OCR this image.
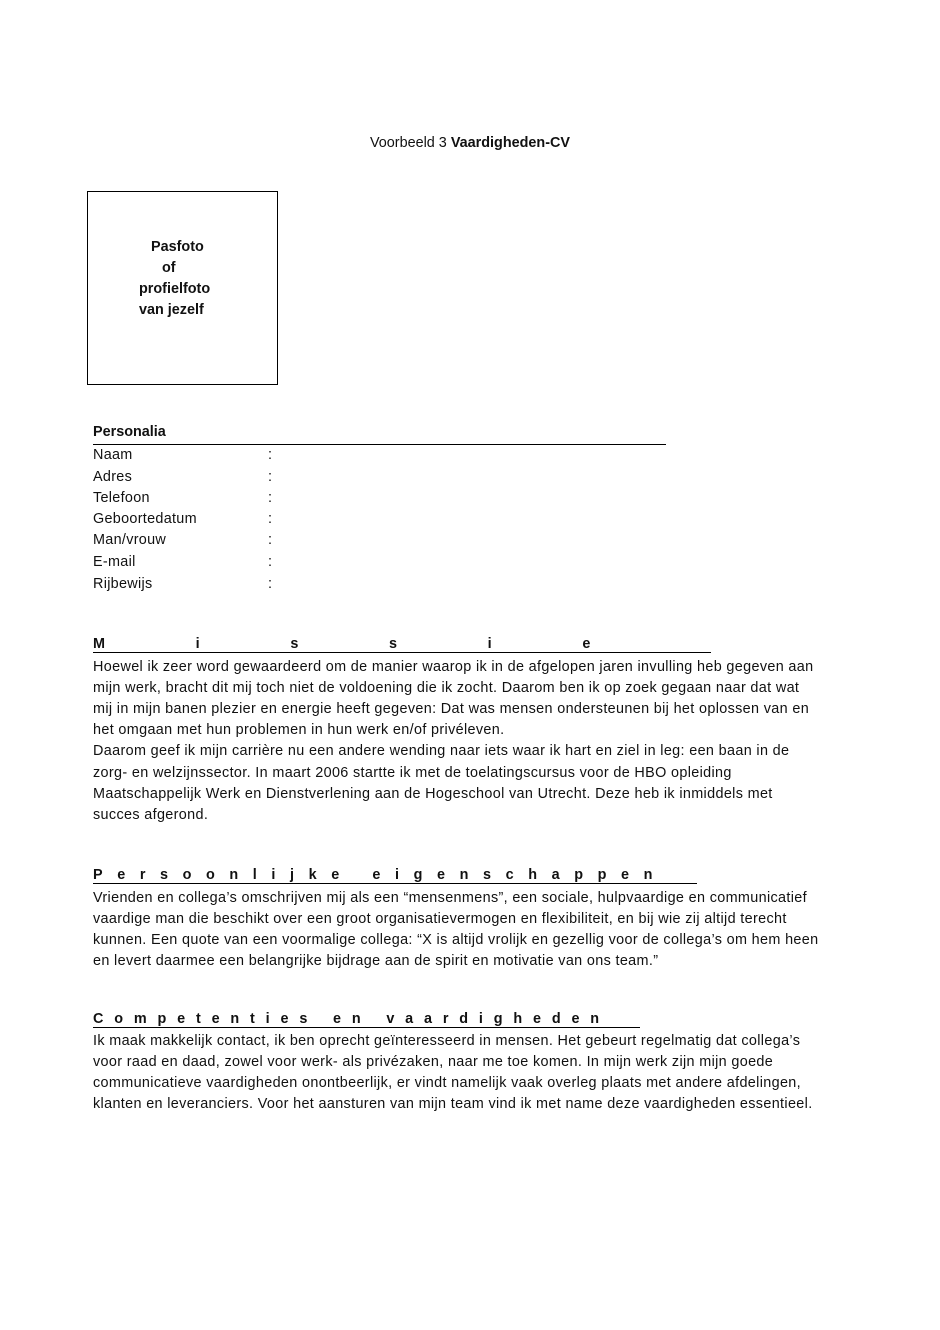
Voorbeeld 3 Vaardigheden-CV
Pasfoto
of
profielfoto
van jezelf
Personalia
Naam	:
Adres	:
Telefoon	:
Geboortedatum	:
Man/vrouw	:
E-mail	:
Rijbewijs	:
M	i	s	s	i	e

Hoewel ik zeer word gewaardeerd om de manier waarop ik in de afgelopen jaren invulling heb gegeven aan

mijn werk, bracht dit mij toch niet de voldoening die ik zocht. Daarom ben ik op zoek gegaan naar dat wat

mij in mijn banen plezier en energie heeft gegeven: Dat was mensen ondersteunen bij het oplossen van en

het omgaan met hun problemen in hun werk en/of privéleven.

Daarom geef ik mijn carrière nu een andere wending naar iets waar ik hart en ziel in leg: een baan in de

zorg- en welzijnssector. In maart 2006 startte ik met de toelatingscursus voor de HBO opleiding

Maatschappelijk Werk en Dienstverlening aan de Hogeschool van Utrecht. Deze heb ik inmiddels met

succes afgerond.

P e r s o o n l i j k e
e i g e n s c h a p p e n

Vrienden en collega’s omschrijven mij als een “mensenmens”, een sociale, hulpvaardige en communicatief

vaardige man die beschikt over een groot organisatievermogen en flexibiliteit, en bij wie zij altijd terecht

kunnen. Een quote van een voormalige collega: “X is altijd vrolijk en gezellig voor de collega’s om hem heen

en levert daarmee een belangrijke bijdrage aan de spirit en motivatie van ons team.”

C o m p e t e n t i e s
e n
v a a r d i g h e d e n

Ik maak makkelijk contact, ik ben oprecht geïnteresseerd in mensen. Het gebeurt regelmatig dat collega’s

voor raad en daad, zowel voor werk- als privézaken, naar me toe komen. In mijn werk zijn mijn goede

communicatieve vaardigheden onontbeerlijk, er vindt namelijk vaak overleg plaats met andere afdelingen,

klanten en leveranciers. Voor het aansturen van mijn team vind ik met name deze vaardigheden essentieel.
